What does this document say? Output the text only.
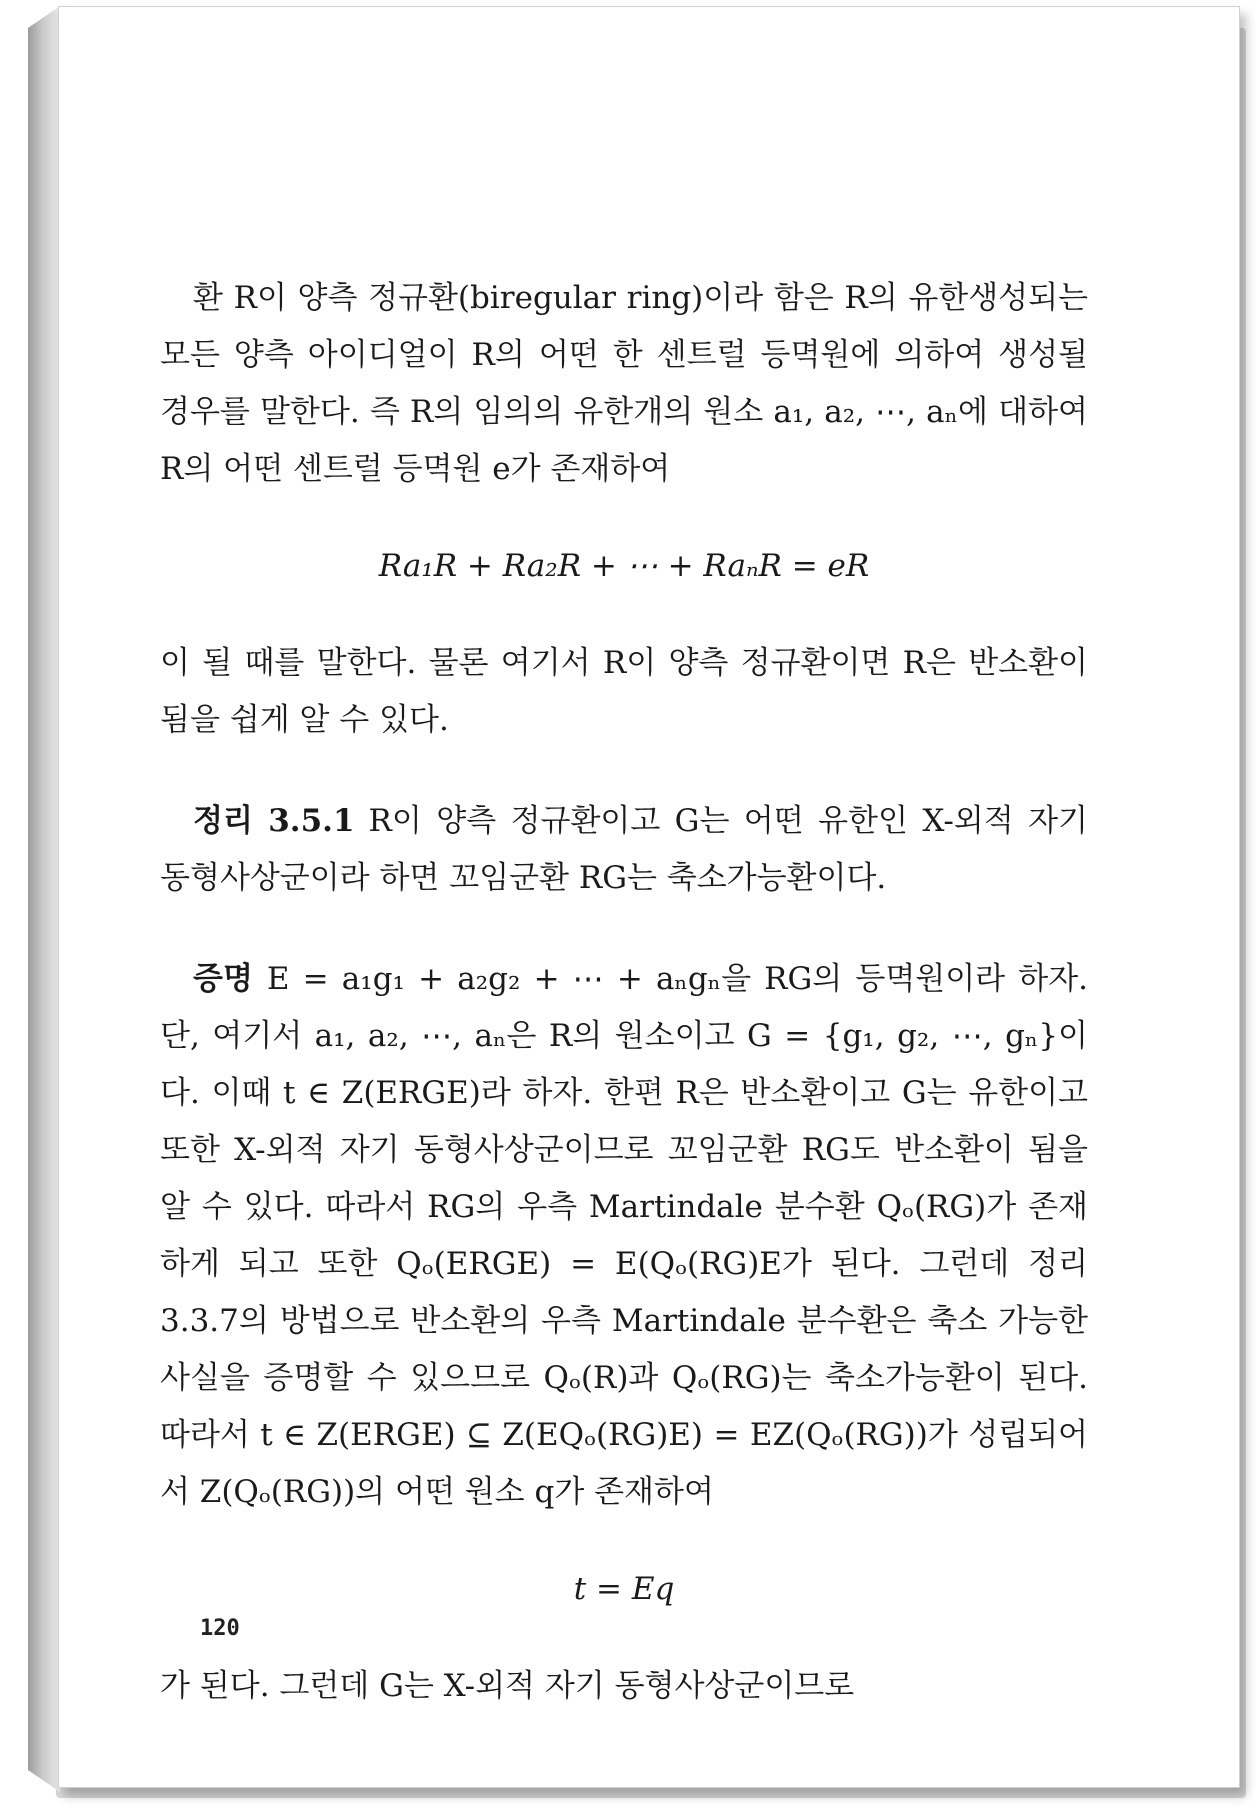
환 R이 양측 정규환(biregular ring)이라 함은 R의 유한생성되는 모든 양측 아이디얼이 R의 어떤 한 센트럴 등멱원에 의하여 생성될 경우를 말한다. 즉 R의 임의의 유한개의 원소 a₁, a₂, ⋯, aₙ에 대하여 R의 어떤 센트럴 등멱원 e가 존재하여

Ra₁R + Ra₂R + ⋯ + RaₙR = eR

이 될 때를 말한다. 물론 여기서 R이 양측 정규환이면 R은 반소환이 됨을 쉽게 알 수 있다.

정리 3.5.1 R이 양측 정규환이고 G는 어떤 유한인 X-외적 자기 동형사상군이라 하면 꼬임군환 RG는 축소가능환이다.

증명 E = a₁g₁ + a₂g₂ + ⋯ + aₙgₙ을 RG의 등멱원이라 하자. 단, 여기서 a₁, a₂, ⋯, aₙ은 R의 원소이고 G = {g₁, g₂, ⋯, gₙ}이다. 이때 t ∈ Z(ERGE)라 하자. 한편 R은 반소환이고 G는 유한이고 또한 X-외적 자기 동형사상군이므로 꼬임군환 RG도 반소환이 됨을 알 수 있다. 따라서 RG의 우측 Martindale 분수환 Qₒ(RG)가 존재하게 되고 또한 Qₒ(ERGE) = E(Qₒ(RG)E가 된다. 그런데 정리 3.3.7의 방법으로 반소환의 우측 Martindale 분수환은 축소 가능한 사실을 증명할 수 있으므로 Qₒ(R)과 Qₒ(RG)는 축소가능환이 된다. 따라서 t ∈ Z(ERGE) ⊆ Z(EQₒ(RG)E) = EZ(Qₒ(RG))가 성립되어서 Z(Qₒ(RG))의 어떤 원소 q가 존재하여

t = Eq

가 된다. 그런데 G는 X-외적 자기 동형사상군이므로

120
